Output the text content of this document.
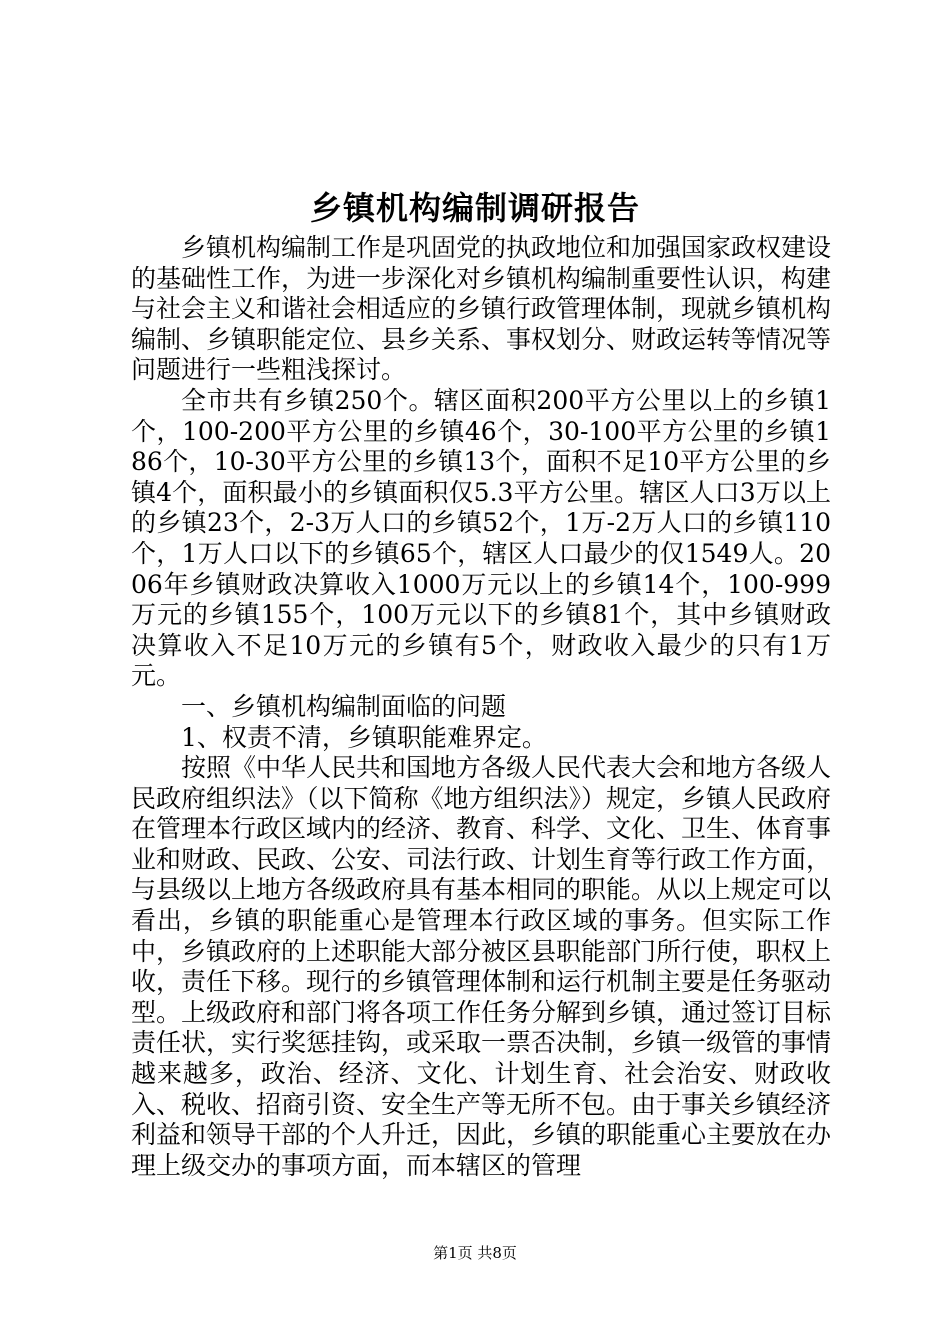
乡镇机构编制调研报告

乡镇机构编制工作是巩固党的执政地位和加强国家政权建设的基础性工作，为进一步深化对乡镇机构编制重要性认识，构建与社会主义和谐社会相适应的乡镇行政管理体制，现就乡镇机构编制、乡镇职能定位、县乡关系、事权划分、财政运转等情况等问题进行一些粗浅探讨。

全市共有乡镇250个。辖区面积200平方公里以上的乡镇1个，100-200平方公里的乡镇46个，30-100平方公里的乡镇186个，10-30平方公里的乡镇13个，面积不足10平方公里的乡镇4个，面积最小的乡镇面积仅5.3平方公里。辖区人口3万以上的乡镇23个，2-3万人口的乡镇52个，1万-2万人口的乡镇110个，1万人口以下的乡镇65个，辖区人口最少的仅1549人。2006年乡镇财政决算收入1000万元以上的乡镇14个，100-999万元的乡镇155个，100万元以下的乡镇81个，其中乡镇财政决算收入不足10万元的乡镇有5个，财政收入最少的只有1万元。

一、乡镇机构编制面临的问题

1、权责不清，乡镇职能难界定。

按照《中华人民共和国地方各级人民代表大会和地方各级人民政府组织法》（以下简称《地方组织法》）规定，乡镇人民政府在管理本行政区域内的经济、教育、科学、文化、卫生、体育事业和财政、民政、公安、司法行政、计划生育等行政工作方面，与县级以上地方各级政府具有基本相同的职能。从以上规定可以看出，乡镇的职能重心是管理本行政区域的事务。但实际工作中，乡镇政府的上述职能大部分被区县职能部门所行使，职权上收，责任下移。现行的乡镇管理体制和运行机制主要是任务驱动型。上级政府和部门将各项工作任务分解到乡镇，通过签订目标责任状，实行奖惩挂钩，或采取一票否决制，乡镇一级管的事情越来越多，政治、经济、文化、计划生育、社会治安、财政收入、税收、招商引资、安全生产等无所不包。由于事关乡镇经济利益和领导干部的个人升迁，因此，乡镇的职能重心主要放在办理上级交办的事项方面，而本辖区的管理

第1页 共8页
